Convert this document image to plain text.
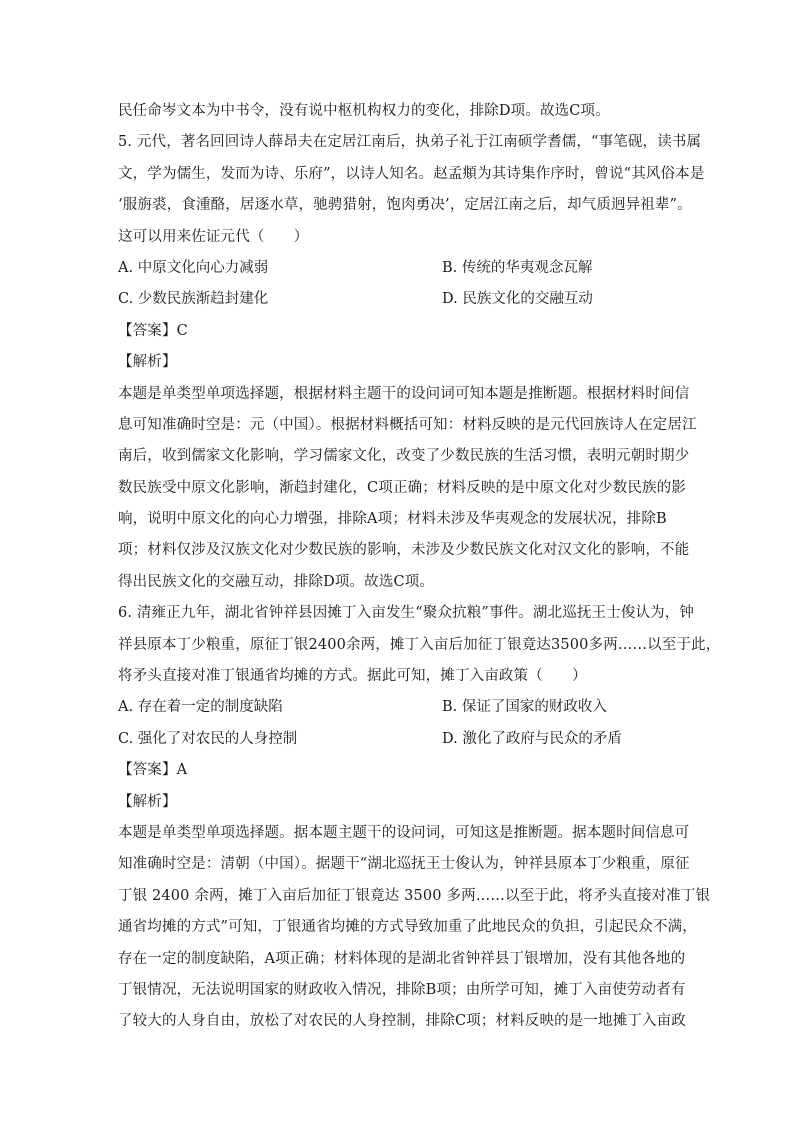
民任命岑文本为中书令，没有说中枢机构权力的变化，排除D项。故选C项。
5. 元代，著名回回诗人薛昂夫在定居江南后，执弟子礼于江南硕学耆儒，“事笔砚，读书属
文，学为儒生，发而为诗、乐府”，以诗人知名。赵孟頫为其诗集作序时，曾说“其风俗本是
‘服旃裘，食湩酪，居逐水草，驰骋猎射，饱肉勇决’，定居江南之后，却气质迥异祖辈”。
这可以用来佐证元代（　　）
A. 中原文化向心力减弱	B. 传统的华夷观念瓦解
C. 少数民族渐趋封建化	D. 民族文化的交融互动
【答案】C
【解析】
本题是单类型单项选择题，根据材料主题干的设问词可知本题是推断题。根据材料时间信
息可知准确时空是：元（中国）。根据材料概括可知：材料反映的是元代回族诗人在定居江
南后，收到儒家文化影响，学习儒家文化，改变了少数民族的生活习惯，表明元朝时期少
数民族受中原文化影响，渐趋封建化，C项正确；材料反映的是中原文化对少数民族的影
响，说明中原文化的向心力增强，排除A项；材料未涉及华夷观念的发展状况，排除B
项；材料仅涉及汉族文化对少数民族的影响，未涉及少数民族文化对汉文化的影响，不能
得出民族文化的交融互动，排除D项。故选C项。
6. 清雍正九年，湖北省钟祥县因摊丁入亩发生“聚众抗粮”事件。湖北巡抚王士俊认为，钟
祥县原本丁少粮重，原征丁银2400余两，摊丁入亩后加征丁银竟达3500多两……以至于此，
将矛头直接对准丁银通省均摊的方式。据此可知，摊丁入亩政策（　　）
A. 存在着一定的制度缺陷	B. 保证了国家的财政收入
C. 强化了对农民的人身控制	D. 激化了政府与民众的矛盾
【答案】A
【解析】
本题是单类型单项选择题。据本题主题干的设问词，可知这是推断题。据本题时间信息可
知准确时空是：清朝（中国）。据题干“湖北巡抚王士俊认为，钟祥县原本丁少粮重，原征
丁银 2400 余两，摊丁入亩后加征丁银竟达 3500 多两……以至于此，将矛头直接对准丁银
通省均摊的方式”可知，丁银通省均摊的方式导致加重了此地民众的负担，引起民众不满，
存在一定的制度缺陷，A项正确；材料体现的是湖北省钟祥县丁银增加，没有其他各地的
丁银情况，无法说明国家的财政收入情况，排除B项；由所学可知，摊丁入亩使劳动者有
了较大的人身自由，放松了对农民的人身控制，排除C项；材料反映的是一地摊丁入亩政
